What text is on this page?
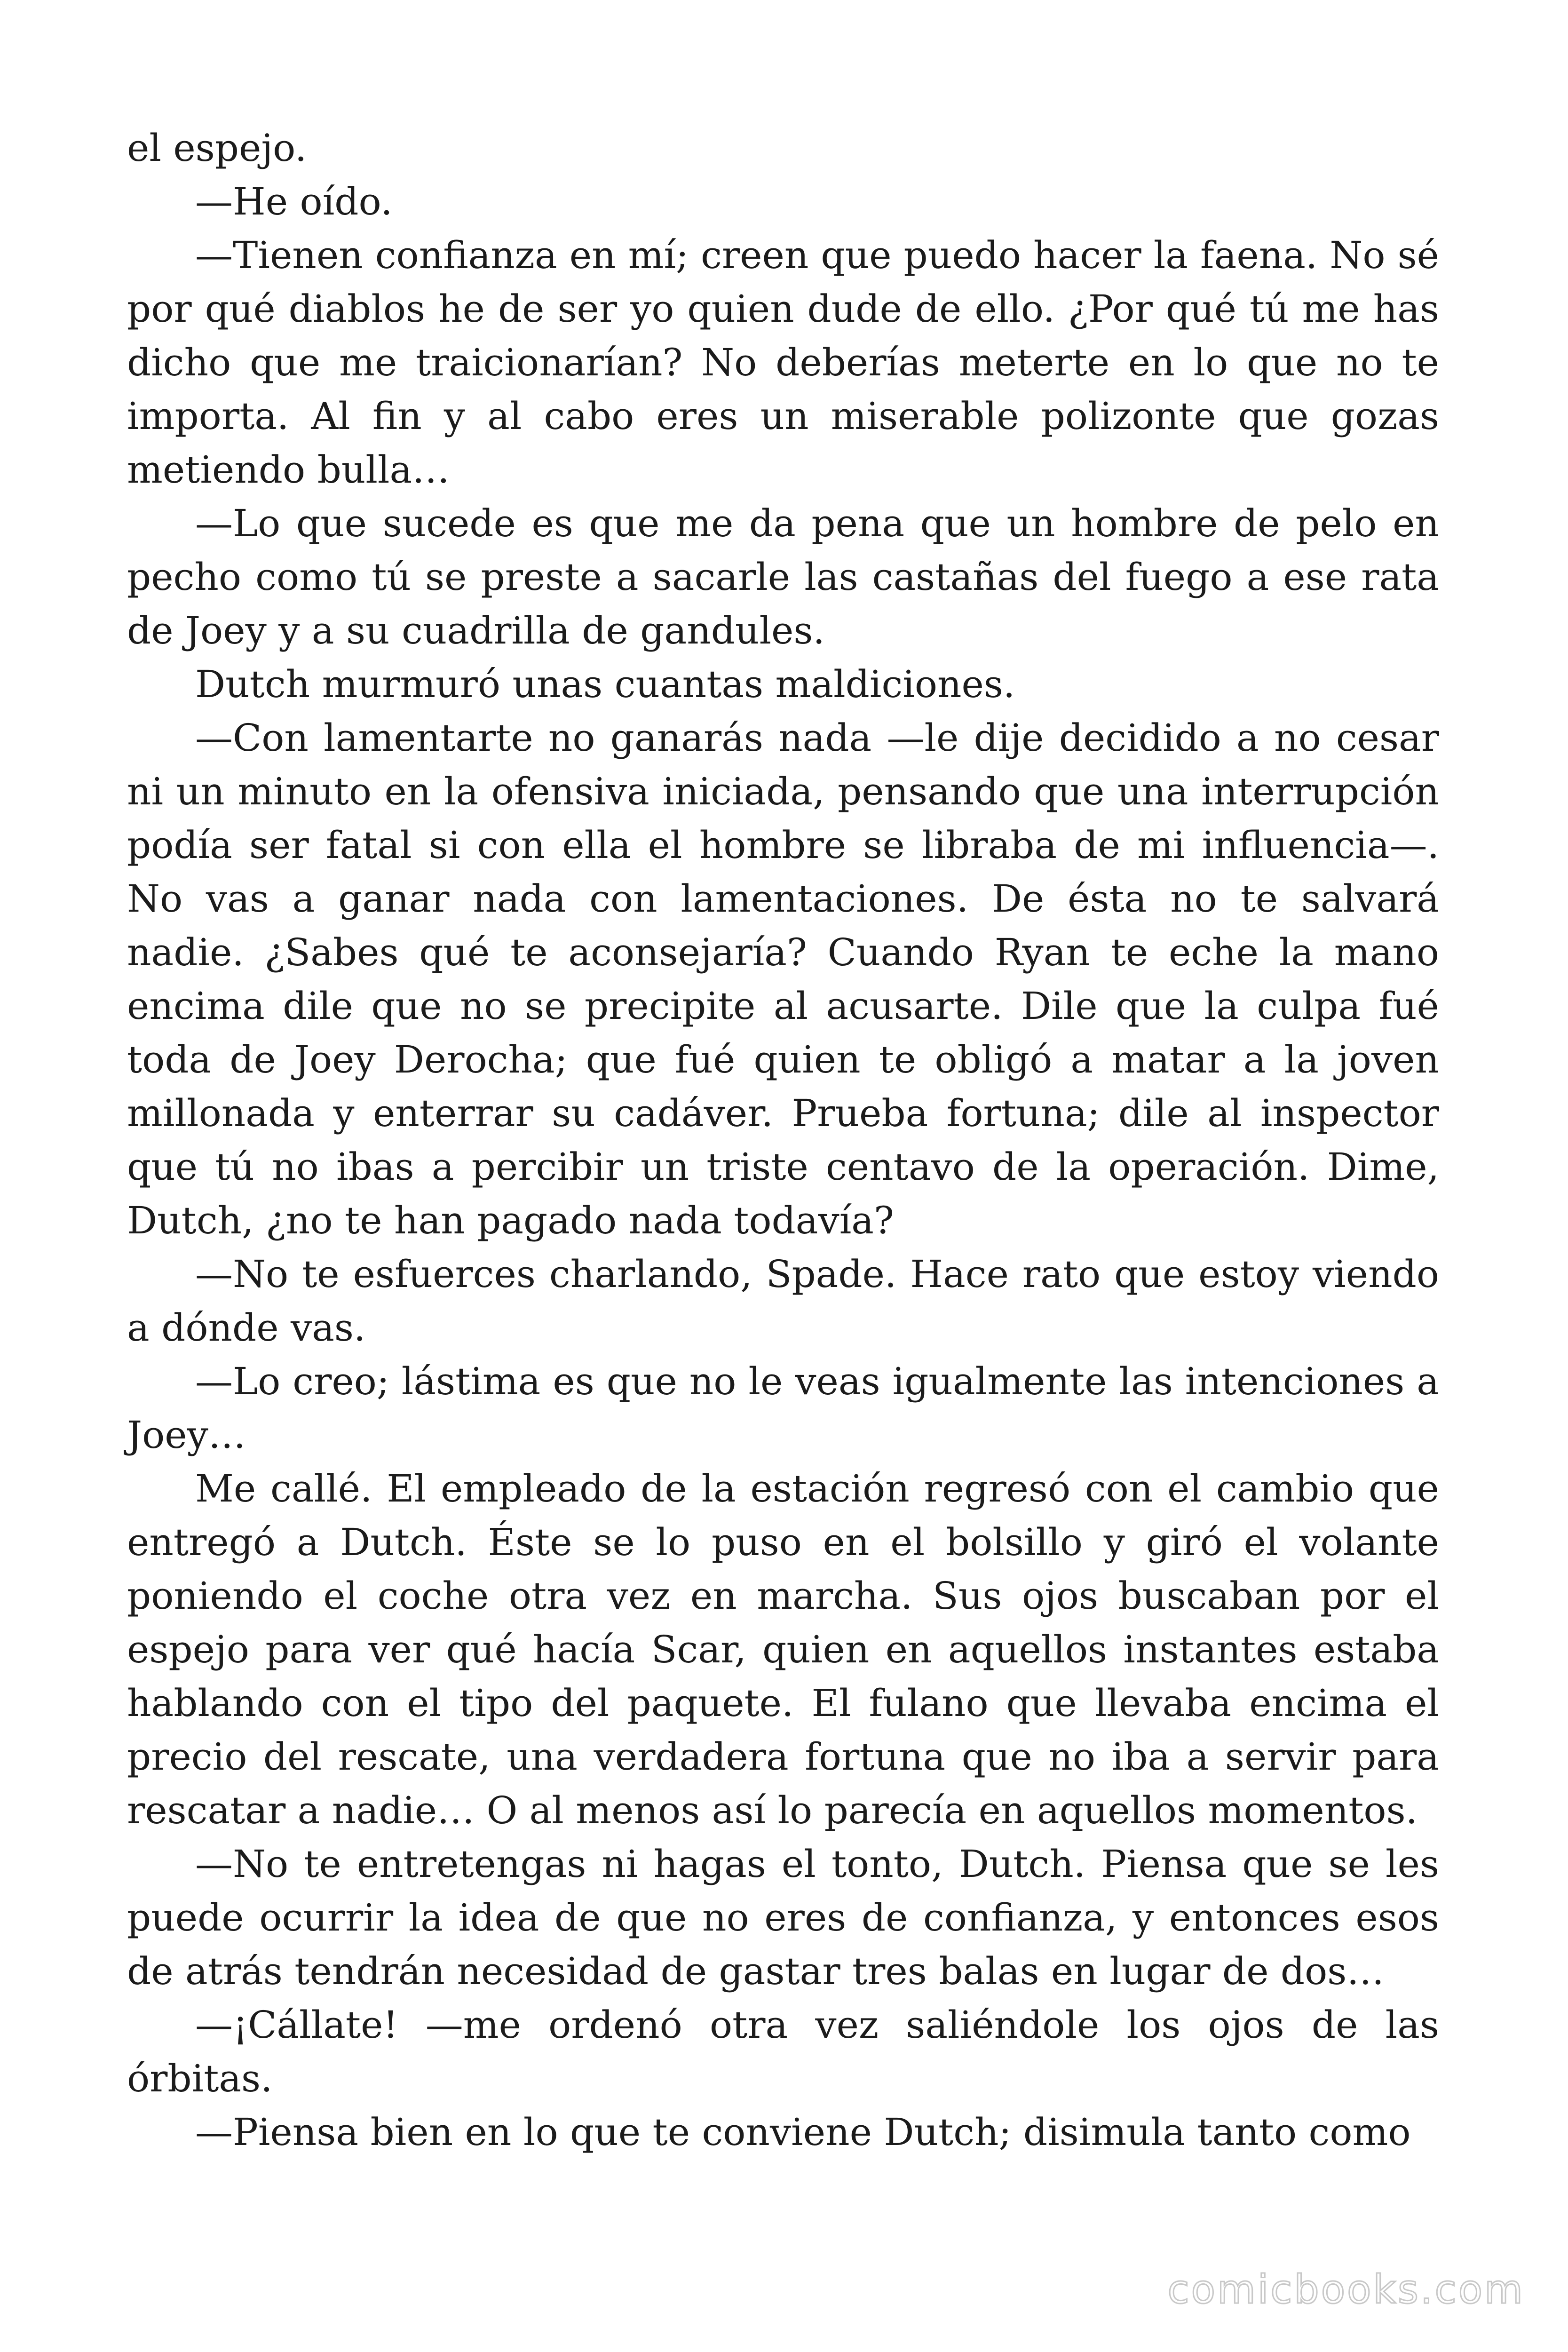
el espejo.

—He oído.

—Tienen confianza en mí; creen que puedo hacer la faena. No sé por qué diablos he de ser yo quien dude de ello. ¿Por qué tú me has dicho que me traicionarían? No deberías meterte en lo que no te importa. Al fin y al cabo eres un miserable polizonte que gozas metiendo bulla…

—Lo que sucede es que me da pena que un hombre de pelo en pecho como tú se preste a sacarle las castañas del fuego a ese rata de Joey y a su cuadrilla de gandules.

Dutch murmuró unas cuantas maldiciones.

—Con lamentarte no ganarás nada —le dije decidido a no cesar ni un minuto en la ofensiva iniciada, pensando que una interrupción podía ser fatal si con ella el hombre se libraba de mi influencia—. No vas a ganar nada con lamentaciones. De ésta no te salvará nadie. ¿Sabes qué te aconsejaría? Cuando Ryan te eche la mano encima dile que no se precipite al acusarte. Dile que la culpa fué toda de Joey Derocha; que fué quien te obligó a matar a la joven millonada y enterrar su cadáver. Prueba fortuna; dile al inspector que tú no ibas a percibir un triste centavo de la operación. Dime, Dutch, ¿no te han pagado nada todavía?

—No te esfuerces charlando, Spade. Hace rato que estoy viendo a dónde vas.

—Lo creo; lástima es que no le veas igualmente las intenciones a Joey…

Me callé. El empleado de la estación regresó con el cambio que entregó a Dutch. Éste se lo puso en el bolsillo y giró el volante poniendo el coche otra vez en marcha. Sus ojos buscaban por el espejo para ver qué hacía Scar, quien en aquellos instantes estaba hablando con el tipo del paquete. El fulano que llevaba encima el precio del rescate, una verdadera fortuna que no iba a servir para rescatar a nadie… O al menos así lo parecía en aquellos momentos.

—No te entretengas ni hagas el tonto, Dutch. Piensa que se les puede ocurrir la idea de que no eres de confianza, y entonces esos de atrás tendrán necesidad de gastar tres balas en lugar de dos…

—¡Cállate! —me ordenó otra vez saliéndole los ojos de las órbitas.

—Piensa bien en lo que te conviene Dutch; disimula tanto como

comicbooks.com
